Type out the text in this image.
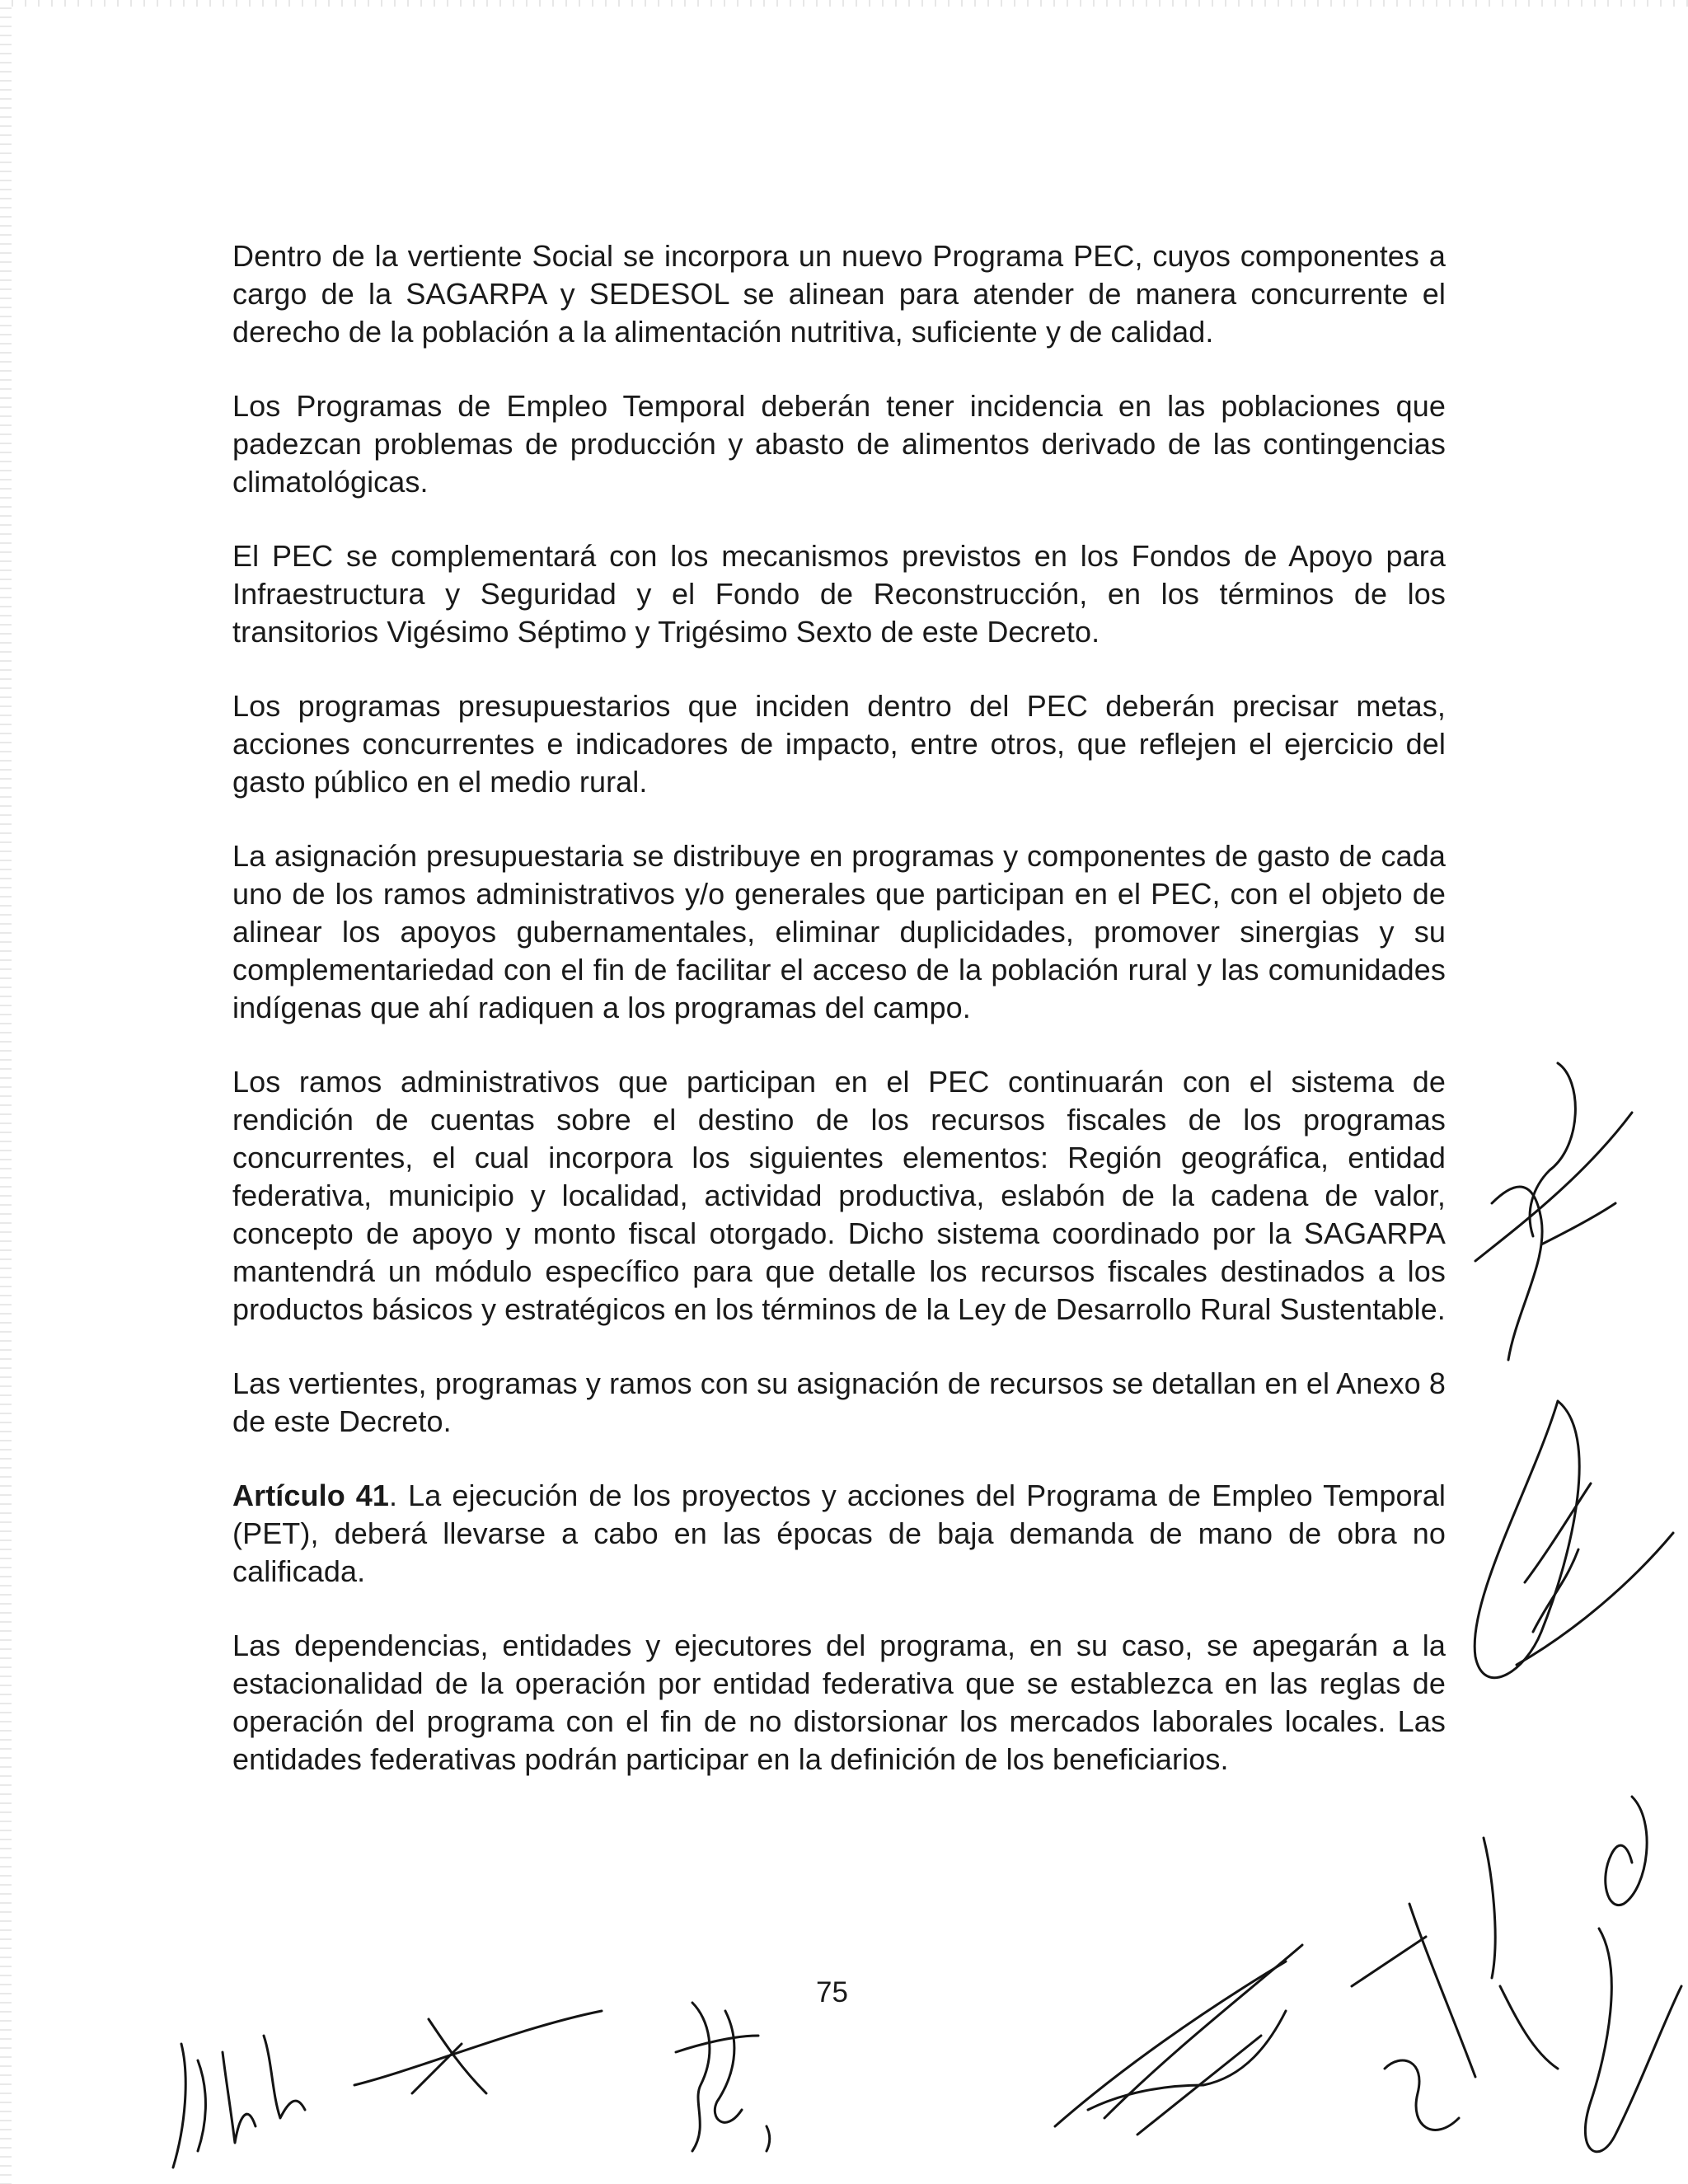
Dentro de la vertiente Social se incorpora un nuevo Programa PEC, cuyos componentes a cargo de la SAGARPA y SEDESOL se alinean para atender de manera concurrente el derecho de la población a la alimentación nutritiva, suficiente y de calidad.

Los Programas de Empleo Temporal deberán tener incidencia en las poblaciones que padezcan problemas de producción y abasto de alimentos derivado de las contingencias climatológicas.

El PEC se complementará con los mecanismos previstos en los Fondos de Apoyo para Infraestructura y Seguridad y el Fondo de Reconstrucción, en los términos de los transitorios Vigésimo Séptimo y Trigésimo Sexto de este Decreto.

Los programas presupuestarios que inciden dentro del PEC deberán precisar metas, acciones concurrentes e indicadores de impacto, entre otros, que reflejen el ejercicio del gasto público en el medio rural.

La asignación presupuestaria se distribuye en programas y componentes de gasto de cada uno de los ramos administrativos y/o generales que participan en el PEC, con el objeto de alinear los apoyos gubernamentales, eliminar duplicidades, promover sinergias y su complementariedad con el fin de facilitar el acceso de la población rural y las comunidades indígenas que ahí radiquen a los programas del campo.

Los ramos administrativos que participan en el PEC continuarán con el sistema de rendición de cuentas sobre el destino de los recursos fiscales de los programas concurrentes, el cual incorpora los siguientes elementos: Región geográfica, entidad federativa, municipio y localidad, actividad productiva, eslabón de la cadena de valor, concepto de apoyo y monto fiscal otorgado. Dicho sistema coordinado por la SAGARPA mantendrá un módulo específico para que detalle los recursos fiscales destinados a los productos básicos y estratégicos en los términos de la Ley de Desarrollo Rural Sustentable.

Las vertientes, programas y ramos con su asignación de recursos se detallan en el Anexo 8 de este Decreto.

Artículo 41. La ejecución de los proyectos y acciones del Programa de Empleo Temporal (PET), deberá llevarse a cabo en las épocas de baja demanda de mano de obra no calificada.

Las dependencias, entidades y ejecutores del programa, en su caso, se apegarán a la estacionalidad de la operación por entidad federativa que se establezca en las reglas de operación del programa con el fin de no distorsionar los mercados laborales locales. Las entidades federativas podrán participar en la definición de los beneficiarios.

75
